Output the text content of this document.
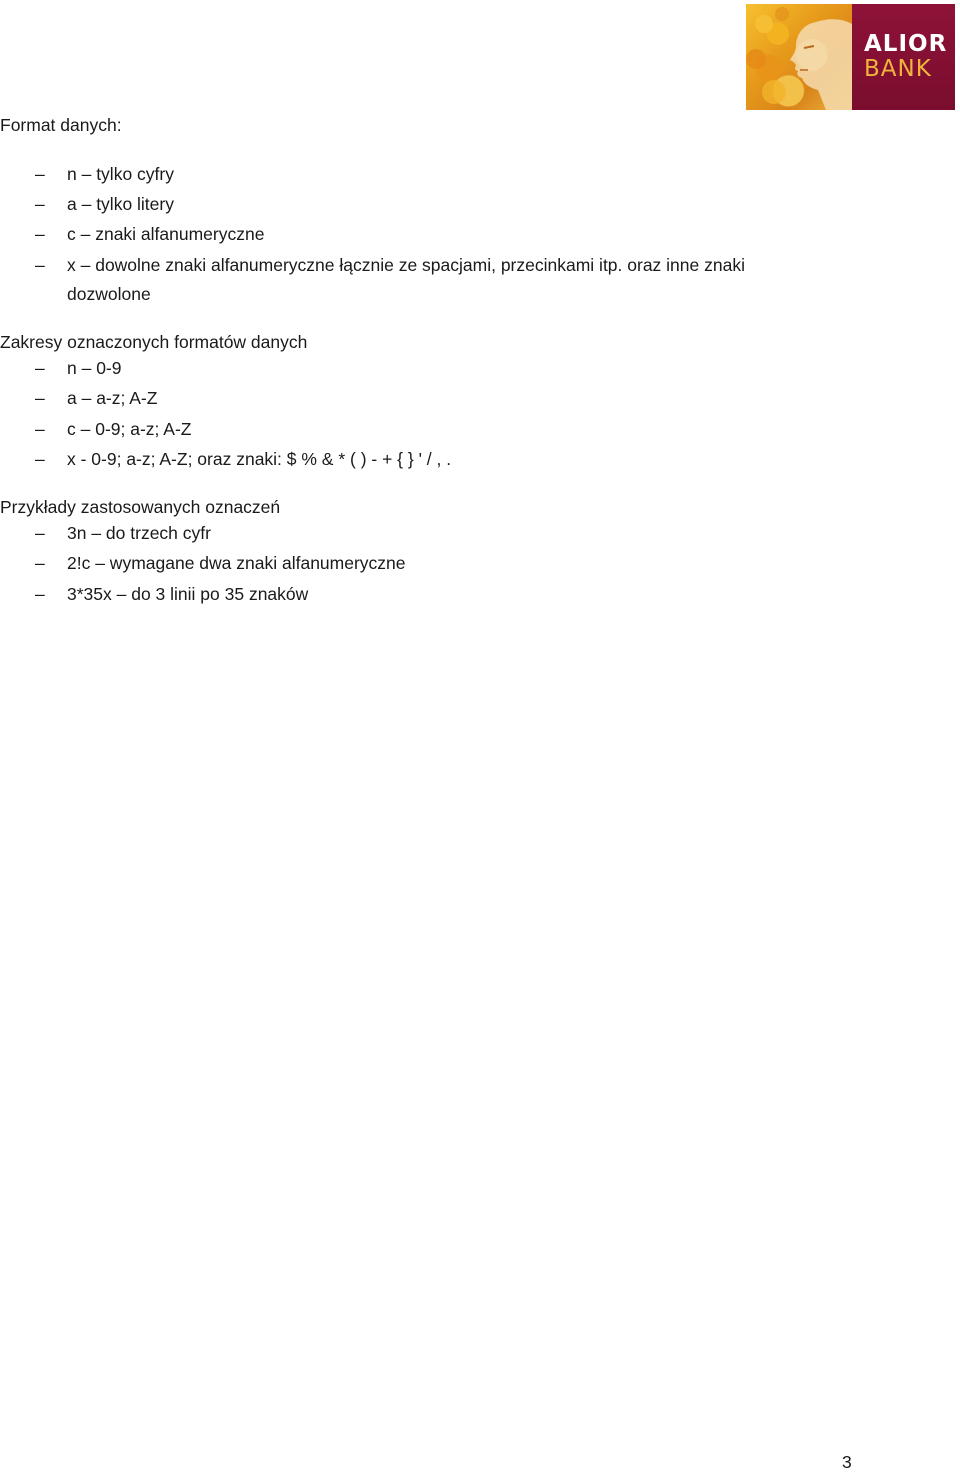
ALIOR
BANK
Format danych:
– n – tylko cyfry
– a – tylko litery
– c – znaki alfanumeryczne
– x – dowolne znaki alfanumeryczne łącznie ze spacjami, przecinkami itp. oraz inne znaki
dozwolone
Zakresy oznaczonych formatów danych
– n – 0-9
– a – a-z; A-Z
– c – 0-9; a-z; A-Z
– x - 0-9; a-z; A-Z; oraz znaki: $ % & * ( ) - + { } ' / , .
Przykłady zastosowanych oznaczeń
– 3n – do trzech cyfr
– 2!c – wymagane dwa znaki alfanumeryczne
– 3*35x – do 3 linii po 35 znaków
3
